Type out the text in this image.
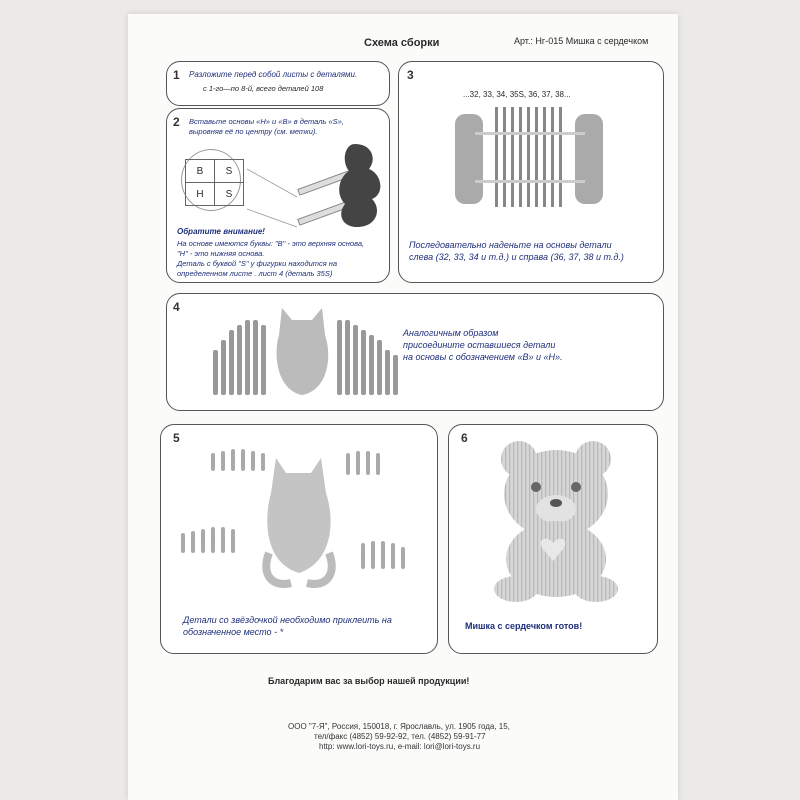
Схема сборки	Арт.: Нг-015 Мишка с сердечком
1 Разложите перед собой листы с деталями.
с 1-го—по 8-й, всего деталей 108
2 Вставьте основы «H» и «B» в деталь «S»,
выровняв её по центру (см. метки).
B	S
H	S
Обратите внимание!
На основе имеются буквы: "B" - это верхняя основа,
"H" - это нижняя основа.
Деталь с буквой "S" у фигурки находится на
определенном листе . лист 4 (деталь 35S)
3
...32, 33, 34, 35S, 36, 37, 38...
Последовательно наденьте на основы детали
слева (32, 33, 34 и т.д.) и справа (36, 37, 38 и т.д.)
4
Аналогичным образом
присоедините оставшиеся детали
на основы с обозначением «B» и «H».
5
Детали со звёздочкой необходимо приклеить на
обозначенное место - *
6
Мишка с сердечком готов!
Благодарим вас за выбор нашей продукции!
ООО "7-Я", Россия, 150018, г. Ярославль, ул. 1905 года, 15,
тел/факс (4852) 59-92-92, тел. (4852) 59-91-77
http: www.lori-toys.ru, e-mail: lori@lori-toys.ru
